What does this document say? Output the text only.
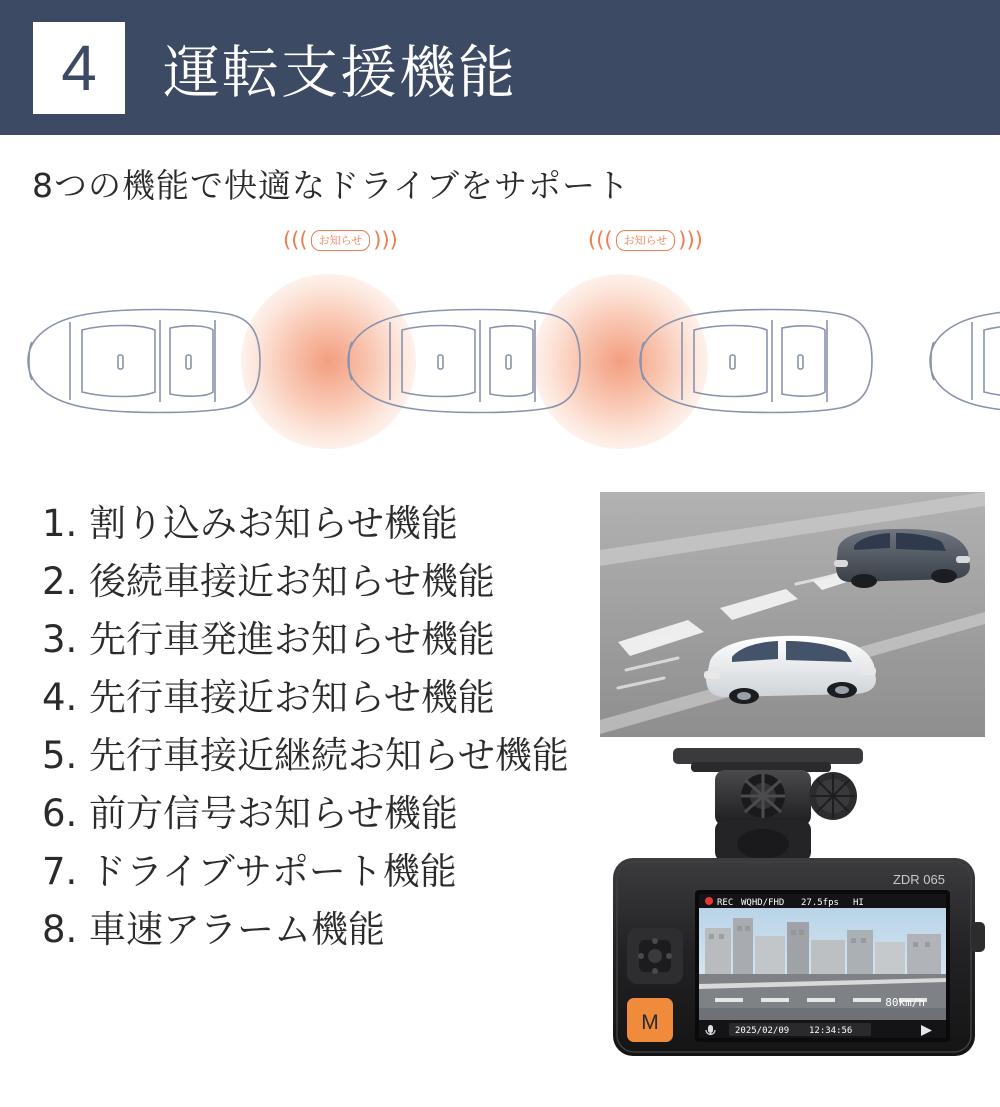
4 運転支援機能
8つの機能で快適なドライブをサポート
(((	お知らせ )))	(((	お知らせ )))
1. 割り込みお知らせ機能
2. 後続車接近お知らせ機能
3. 先行車発進お知らせ機能
4. 先行車接近お知らせ機能
5. 先行車接近継続お知らせ機能
6. 前方信号お知らせ機能
7. ドライブサポート機能
8. 車速アラーム機能
ZDR 065
M
REC WQHD/FHD 27.5fps HI
80km/h
2025/02/09 12:34:56
